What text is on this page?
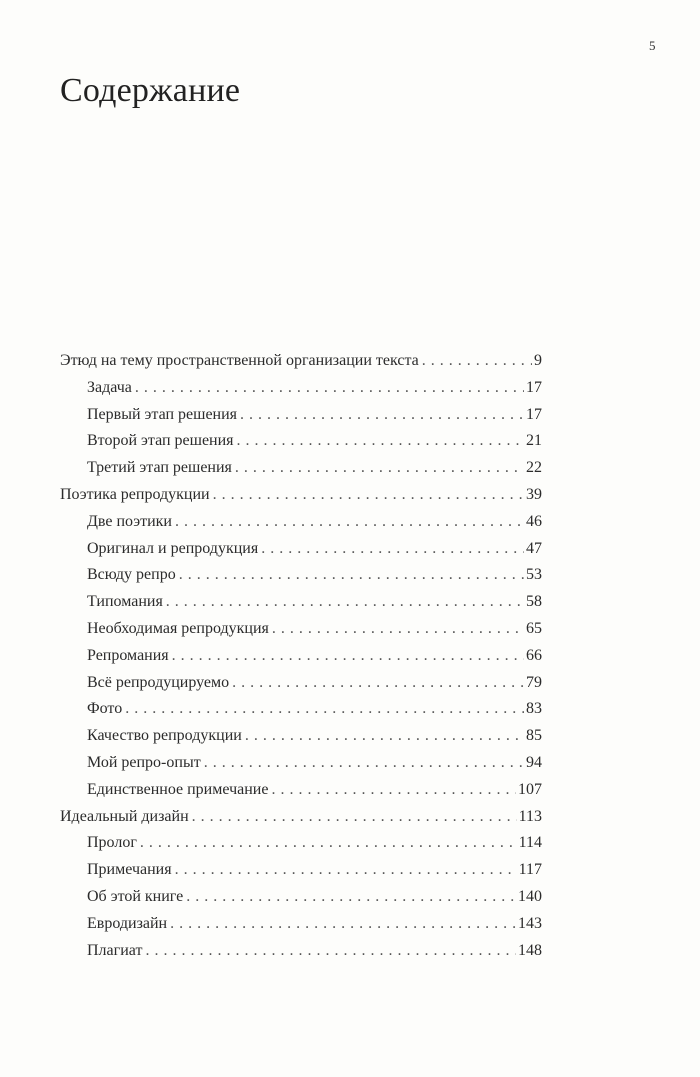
5
Содержание
Этюд на тему пространственной организации текста . . .	9
Задача . . .	17
Первый этап решения . . .	17
Второй этап решения . . .	21
Третий этап решения . . .	22
Поэтика репродукции . . .	39
Две поэтики . . .	46
Оригинал и репродукция . . .	47
Всюду репро . . .	53
Типомания . . .	58
Необходимая репродукция . . .	65
Репромания . . .	66
Всё репродуцируемо . . .	79
Фото . . .	83
Качество репродукции . . .	85
Мой репро-опыт . . .	94
Единственное примечание . . .	107
Идеальный дизайн . . .	113
Пролог . . .	114
Примечания . . .	117
Об этой книге . . .	140
Евродизайн . . .	143
Плагиат . . .	148
